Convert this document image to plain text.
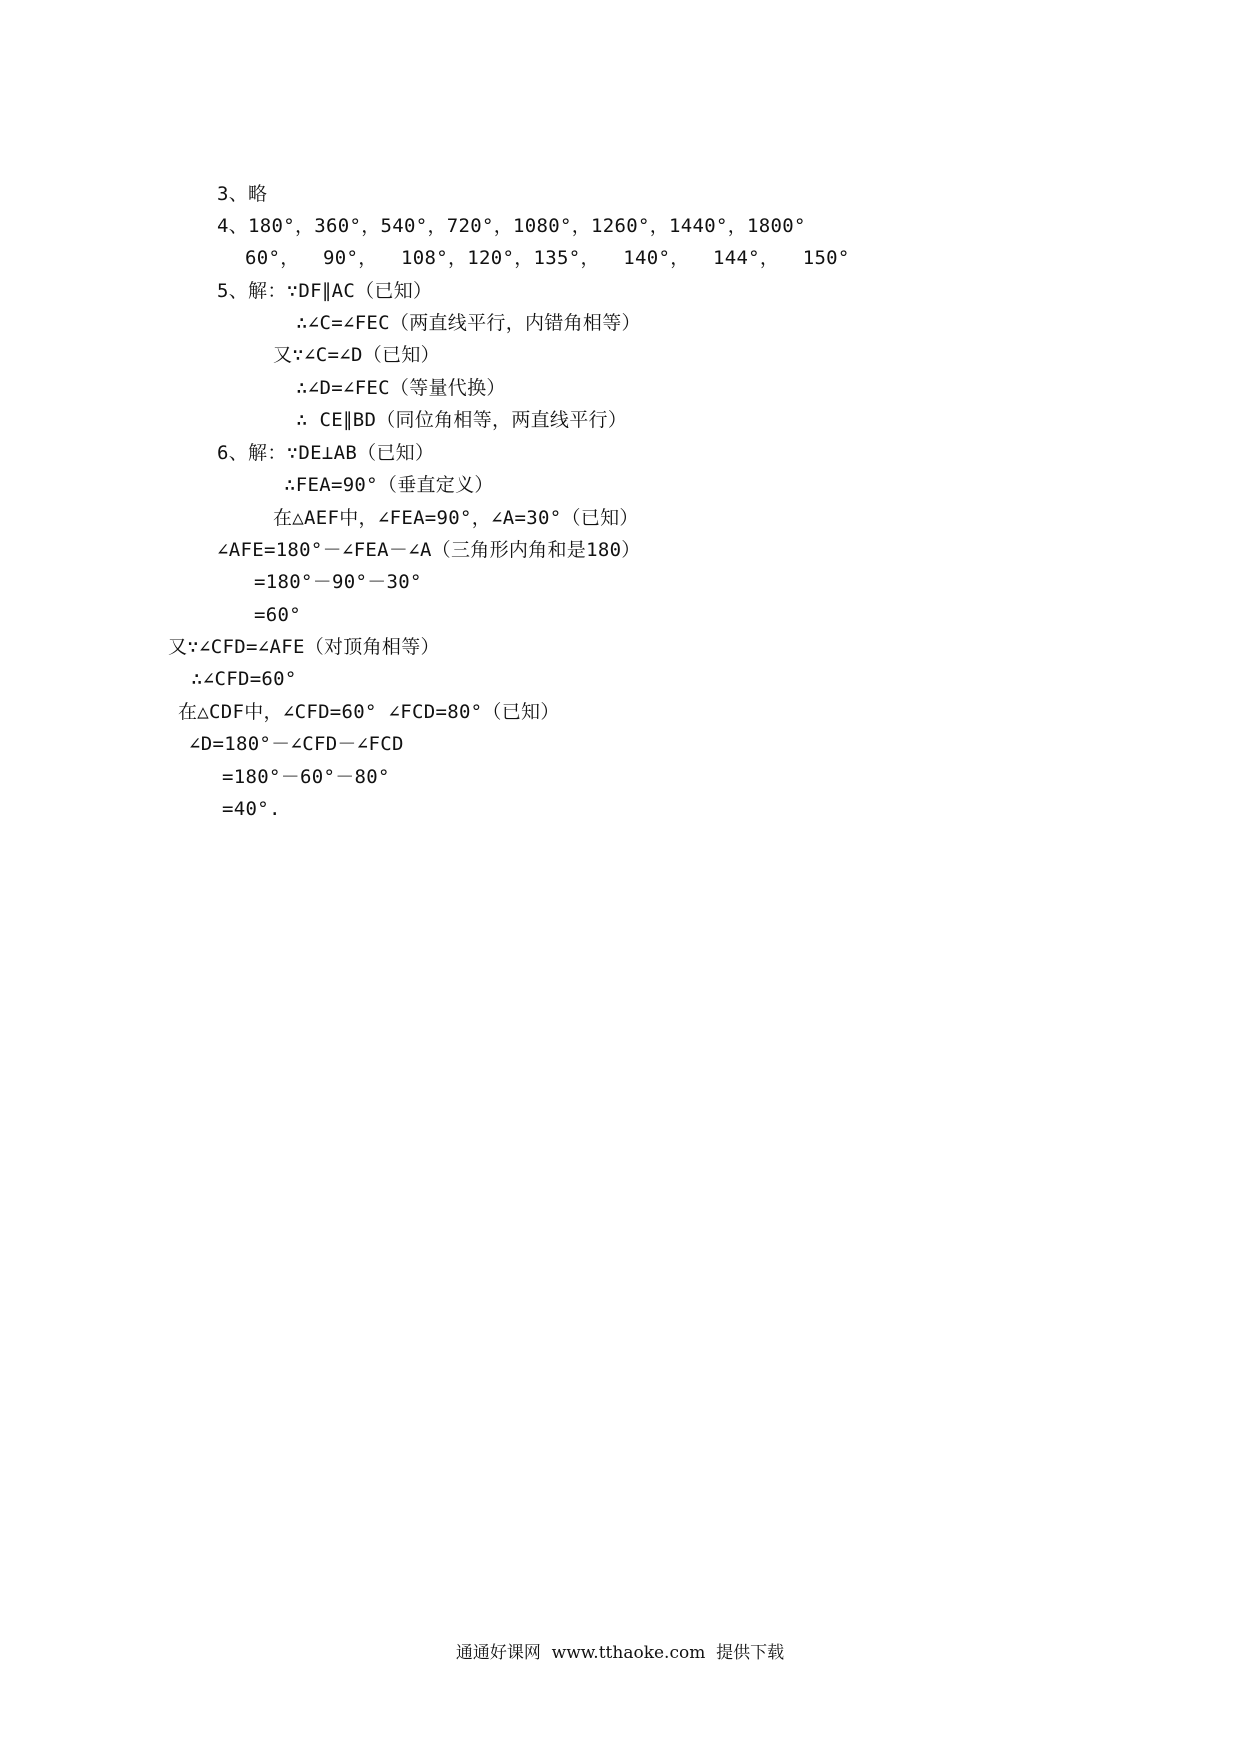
3、略
4、180°，360°，540°，720°，1080°，1260°，1440°，1800°
60°，  90°，  108°，120°，135°，  140°，  144°，  150°
5、解：∵DF∥AC（已知）
∴∠C=∠FEC（两直线平行，内错角相等）
又∵∠C=∠D（已知）
∴∠D=∠FEC（等量代换）
∴ CE∥BD（同位角相等，两直线平行）
6、解：∵DE⊥AB（已知）
∴FEA=90°（垂直定义）
在△AEF中，∠FEA=90°，∠A=30°（已知）
∠AFE=180°－∠FEA－∠A（三角形内角和是180）
=180°－90°－30°
=60°
又∵∠CFD=∠AFE（对顶角相等）
∴∠CFD=60°
在△CDF中，∠CFD=60° ∠FCD=80°（已知）
∠D=180°－∠CFD－∠FCD
=180°－60°－80°
=40°.
通通好课网  www.tthaoke.com  提供下载
